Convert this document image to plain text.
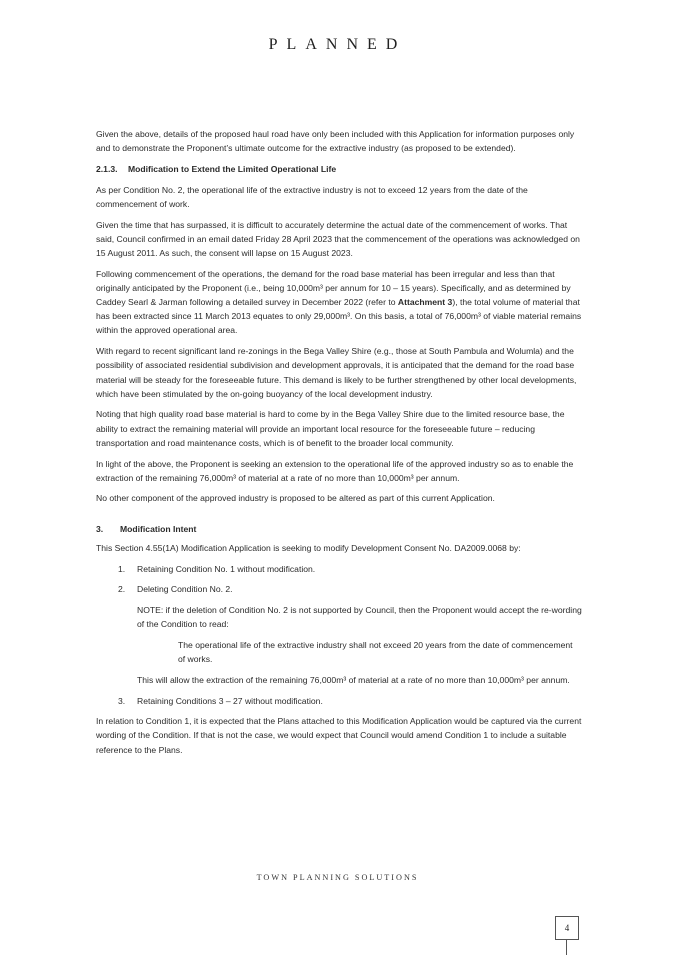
PLANNED

Given the above, details of the proposed haul road have only been included with this Application for information purposes only and to demonstrate the Proponent’s ultimate outcome for the extractive industry (as proposed to be extended).

2.1.3. Modification to Extend the Limited Operational Life

As per Condition No. 2, the operational life of the extractive industry is not to exceed 12 years from the date of the commencement of work.

Given the time that has surpassed, it is difficult to accurately determine the actual date of the commencement of works. That said, Council confirmed in an email dated Friday 28 April 2023 that the commencement of the operations was acknowledged on 15 August 2011. As such, the consent will lapse on 15 August 2023.

Following commencement of the operations, the demand for the road base material has been irregular and less than that originally anticipated by the Proponent (i.e., being 10,000m³ per annum for 10 – 15 years). Specifically, and as determined by Caddey Searl & Jarman following a detailed survey in December 2022 (refer to Attachment 3), the total volume of material that has been extracted since 11 March 2013 equates to only 29,000m³. On this basis, a total of 76,000m³ of viable material remains within the approved operational area.

With regard to recent significant land re-zonings in the Bega Valley Shire (e.g., those at South Pambula and Wolumla) and the possibility of associated residential subdivision and development approvals, it is anticipated that the demand for the road base material will be steady for the foreseeable future. This demand is likely to be further strengthened by other local developments, which have been stimulated by the on-going buoyancy of the local development industry.

Noting that high quality road base material is hard to come by in the Bega Valley Shire due to the limited resource base, the ability to extract the remaining material will provide an important local resource for the foreseeable future – reducing transportation and road maintenance costs, which is of benefit to the broader local community.

In light of the above, the Proponent is seeking an extension to the operational life of the approved industry so as to enable the extraction of the remaining 76,000m³ of material at a rate of no more than 10,000m³ per annum.

No other component of the approved industry is proposed to be altered as part of this current Application.

3. Modification Intent

This Section 4.55(1A) Modification Application is seeking to modify Development Consent No. DA2009.0068 by:

1. Retaining Condition No. 1 without modification.
2. Deleting Condition No. 2.
NOTE: if the deletion of Condition No. 2 is not supported by Council, then the Proponent would accept the re-wording of the Condition to read:
The operational life of the extractive industry shall not exceed 20 years from the date of commencement of works.
This will allow the extraction of the remaining 76,000m³ of material at a rate of no more than 10,000m³ per annum.
3. Retaining Conditions 3 – 27 without modification.

In relation to Condition 1, it is expected that the Plans attached to this Modification Application would be captured via the current wording of the Condition. If that is not the case, we would expect that Council would amend Condition 1 to include a suitable reference to the Plans.

TOWN PLANNING SOLUTIONS
4
